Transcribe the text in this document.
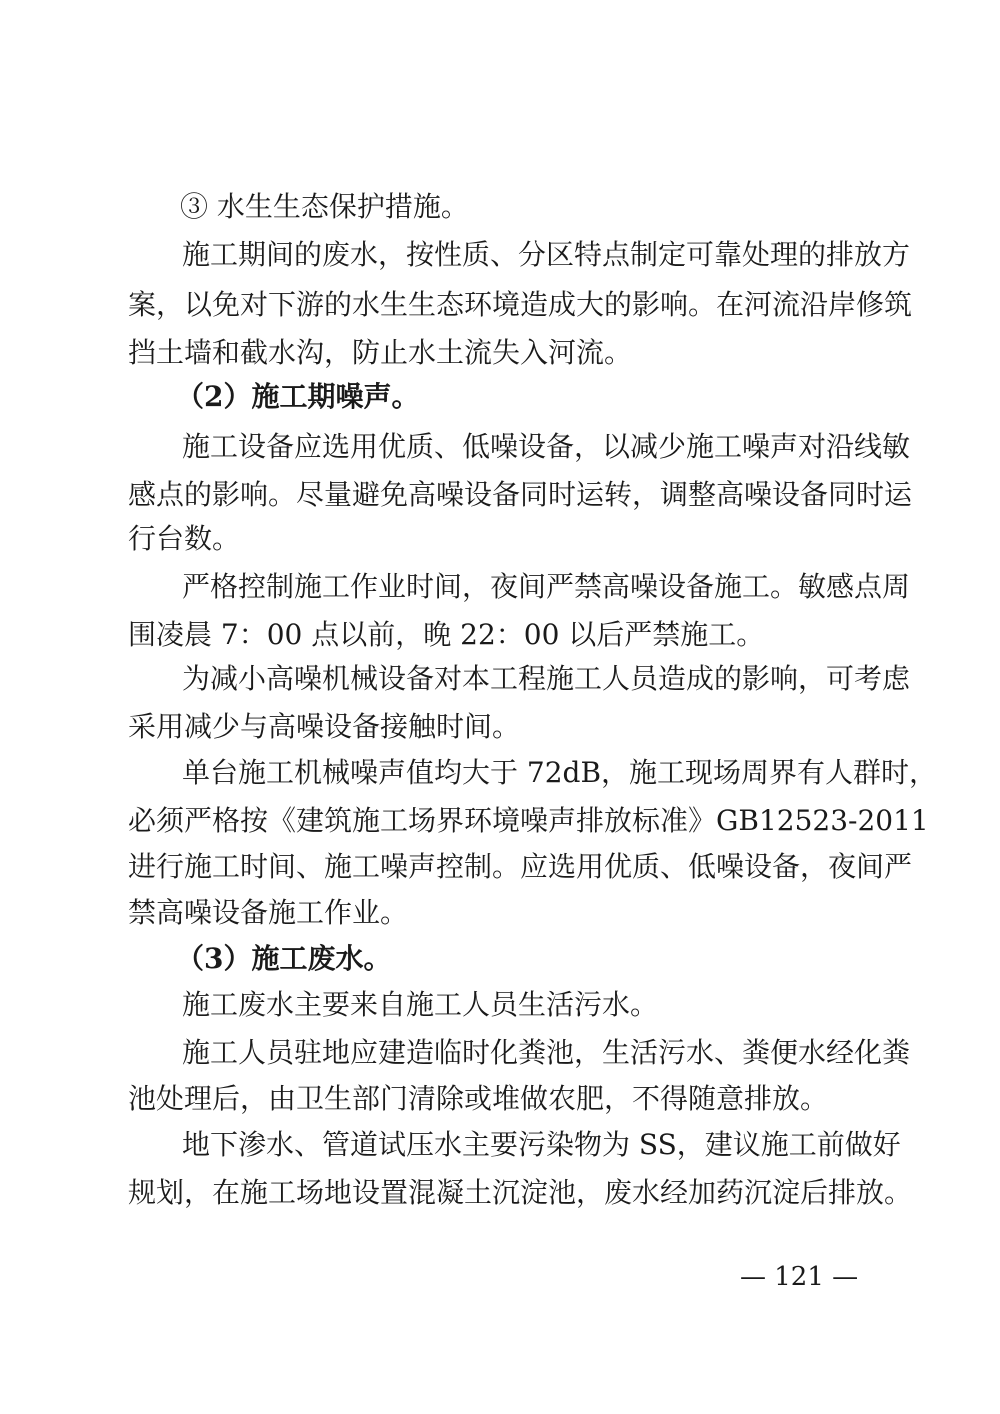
③ 水生生态保护措施。
施工期间的废水，按性质、分区特点制定可靠处理的排放方
案，以免对下游的水生生态环境造成大的影响。在河流沿岸修筑
挡土墙和截水沟，防止水土流失入河流。
（2）施工期噪声。
施工设备应选用优质、低噪设备，以减少施工噪声对沿线敏
感点的影响。尽量避免高噪设备同时运转，调整高噪设备同时运
行台数。
严格控制施工作业时间，夜间严禁高噪设备施工。敏感点周
围凌晨 7：00 点以前，晚 22：00 以后严禁施工。
为减小高噪机械设备对本工程施工人员造成的影响，可考虑
采用减少与高噪设备接触时间。
单台施工机械噪声值均大于 72dB，施工现场周界有人群时，
必须严格按《建筑施工场界环境噪声排放标准》GB12523-2011
进行施工时间、施工噪声控制。应选用优质、低噪设备，夜间严
禁高噪设备施工作业。
（3）施工废水。
施工废水主要来自施工人员生活污水。
施工人员驻地应建造临时化粪池，生活污水、粪便水经化粪
池处理后，由卫生部门清除或堆做农肥，不得随意排放。
地下渗水、管道试压水主要污染物为 SS，建议施工前做好
规划，在施工场地设置混凝土沉淀池，废水经加药沉淀后排放。
— 121 —
